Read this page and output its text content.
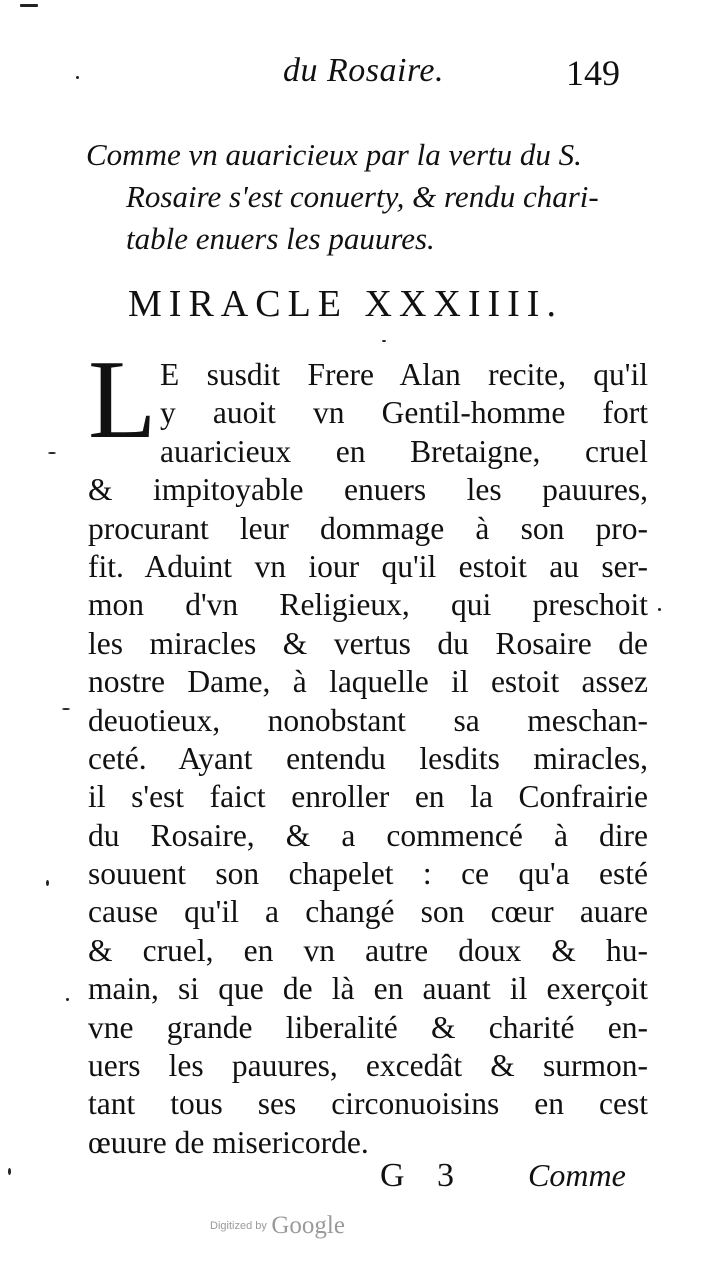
du Rosaire.	149
Comme vn auaricieux par la vertu du S.
Rosaire s'est conuerty, & rendu chari-
table enuers les pauures.
MIRACLE XXXIIII.
L E susdit Frere Alan recite, qu'il
y auoit vn Gentil-homme fort
auaricieux en Bretaigne, cruel
& impitoyable enuers les pauures,
procurant leur dommage à son pro-
fit. Aduint vn iour qu'il estoit au ser-
mon d'vn Religieux, qui preschoit
les miracles & vertus du Rosaire de
nostre Dame, à laquelle il estoit assez
deuotieux, nonobstant sa meschan-
ceté. Ayant entendu lesdits miracles,
il s'est faict enroller en la Confrairie
du Rosaire, & a commencé à dire
souuent son chapelet : ce qu'a esté
cause qu'il a changé son cœur auare
& cruel, en vn autre doux & hu-
main, si que de là en auant il exerçoit
vne grande liberalité & charité en-
uers les pauures, excedât & surmon-
tant tous ses circonuoisins en cest
œuure de misericorde.
G 3 Comme
Digitized by Google
